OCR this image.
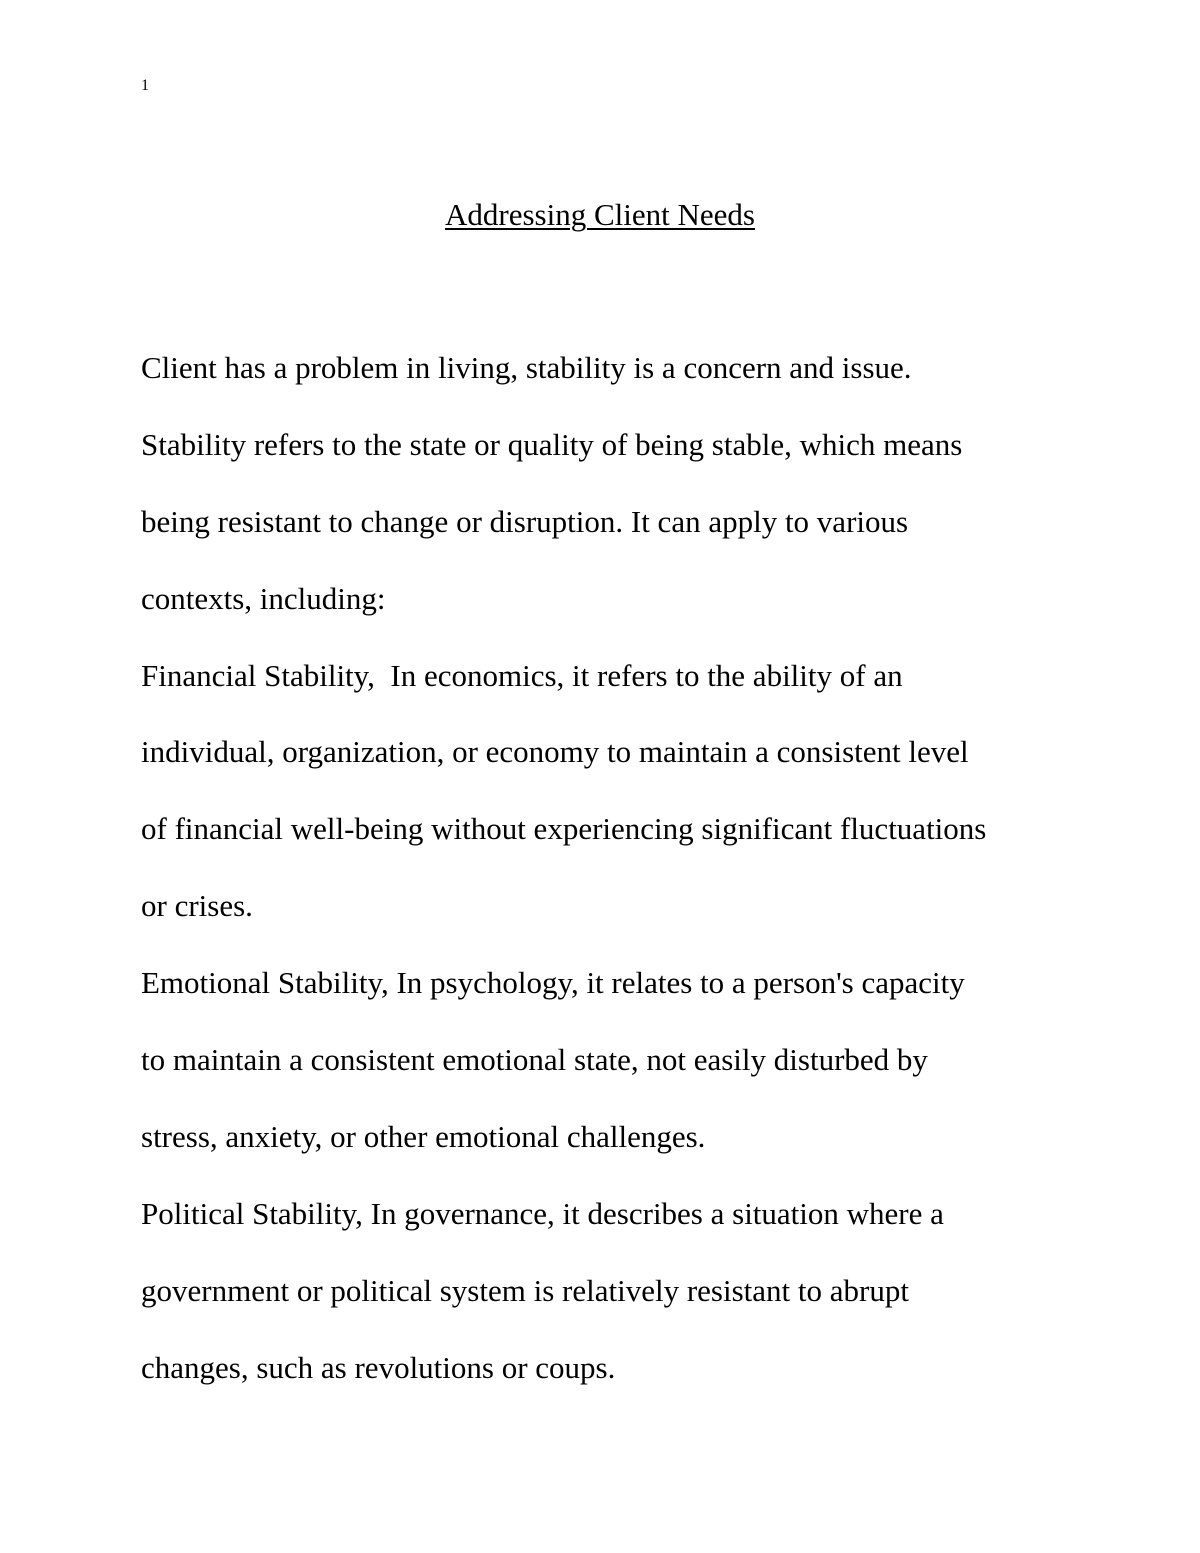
1
Addressing Client Needs
Client has a problem in living, stability is a concern and issue.
Stability refers to the state or quality of being stable, which means
being resistant to change or disruption. It can apply to various
contexts, including:
Financial Stability,  In economics, it refers to the ability of an
individual, organization, or economy to maintain a consistent level
of financial well-being without experiencing significant fluctuations
or crises.
Emotional Stability, In psychology, it relates to a person's capacity
to maintain a consistent emotional state, not easily disturbed by
stress, anxiety, or other emotional challenges.
Political Stability, In governance, it describes a situation where a
government or political system is relatively resistant to abrupt
changes, such as revolutions or coups.
